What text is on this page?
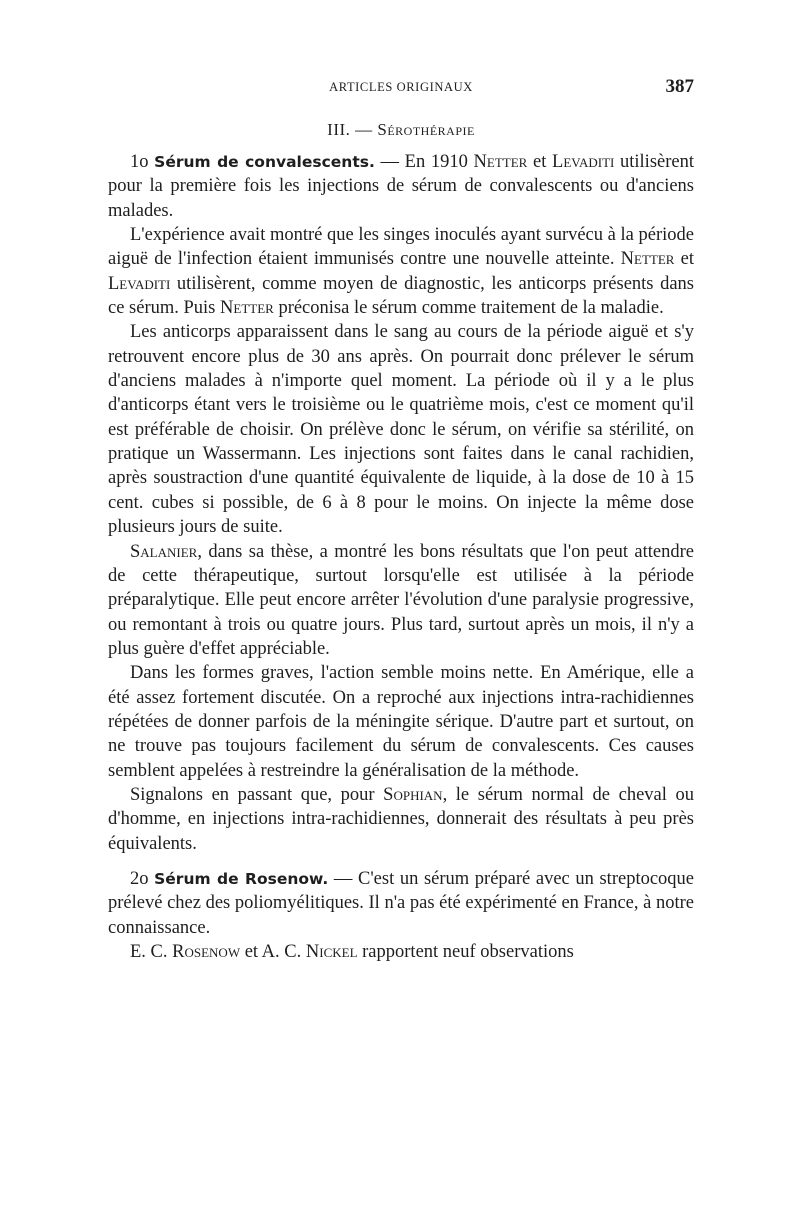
ARTICLES ORIGINAUX	387
III. — Sérothérapie

1o Sérum de convalescents. — En 1910 Netter et Levaditi utilisèrent pour la première fois les injections de sérum de convalescents ou d'anciens malades.

L'expérience avait montré que les singes inoculés ayant survécu à la période aiguë de l'infection étaient immunisés contre une nouvelle atteinte. Netter et Levaditi utilisèrent, comme moyen de diagnostic, les anticorps présents dans ce sérum. Puis Netter préconisa le sérum comme traitement de la maladie.

Les anticorps apparaissent dans le sang au cours de la période aiguë et s'y retrouvent encore plus de 30 ans après. On pourrait donc prélever le sérum d'anciens malades à n'importe quel moment. La période où il y a le plus d'anticorps étant vers le troisième ou le quatrième mois, c'est ce moment qu'il est préférable de choisir. On prélève donc le sérum, on vérifie sa stérilité, on pratique un Wassermann. Les injections sont faites dans le canal rachidien, après soustraction d'une quantité équivalente de liquide, à la dose de 10 à 15 cent. cubes si possible, de 6 à 8 pour le moins. On injecte la même dose plusieurs jours de suite.

Salanier, dans sa thèse, a montré les bons résultats que l'on peut attendre de cette thérapeutique, surtout lorsqu'elle est utilisée à la période préparalytique. Elle peut encore arrêter l'évolution d'une paralysie progressive, ou remontant à trois ou quatre jours. Plus tard, surtout après un mois, il n'y a plus guère d'effet appréciable.

Dans les formes graves, l'action semble moins nette. En Amérique, elle a été assez fortement discutée. On a reproché aux injections intra-rachidiennes répétées de donner parfois de la méningite sérique. D'autre part et surtout, on ne trouve pas toujours facilement du sérum de convalescents. Ces causes semblent appelées à restreindre la généralisation de la méthode.

Signalons en passant que, pour Sophian, le sérum normal de cheval ou d'homme, en injections intra-rachidiennes, donnerait des résultats à peu près équivalents.

2o Sérum de Rosenow. — C'est un sérum préparé avec un streptocoque prélevé chez des poliomyélitiques. Il n'a pas été expérimenté en France, à notre connaissance.

E. C. Rosenow et A. C. Nickel rapportent neuf observations
